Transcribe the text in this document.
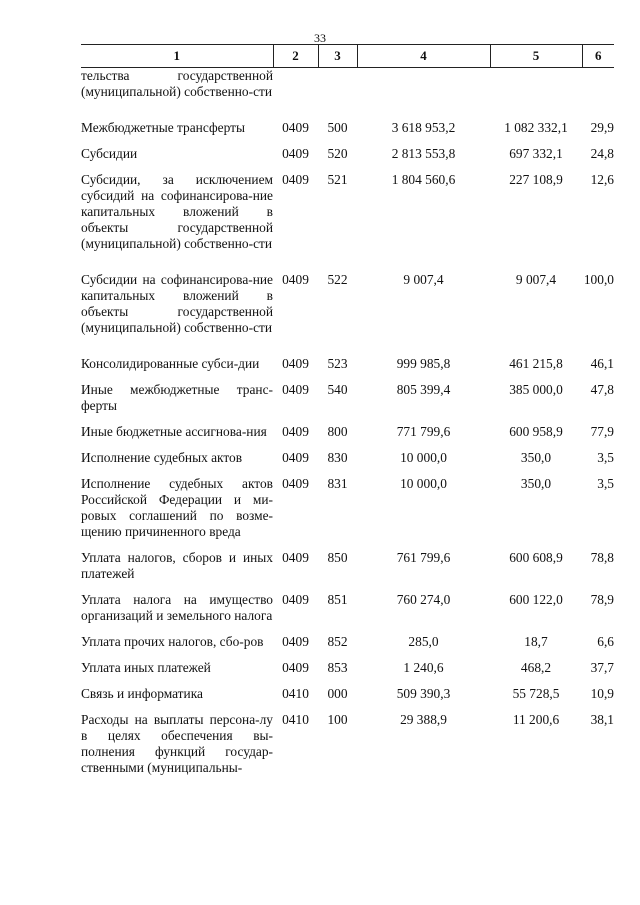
33
1	2	3	4	5	6
тельства государственной (муниципальной) собственно-сти					
Межбюджетные трансферты	0409	500	3 618 953,2	1 082 332,1	29,9
Субсидии	0409	520	2 813 553,8	697 332,1	24,8
Субсидии, за исключением субсидий на софинансирова-ние капитальных вложений в объекты государственной (муниципальной) собственно-сти	0409	521	1 804 560,6	227 108,9	12,6
Субсидии на софинансирова-ние капитальных вложений в объекты государственной (муниципальной) собственно-сти	0409	522	9 007,4	9 007,4	100,0
Консолидированные субси-дии	0409	523	999 985,8	461 215,8	46,1
Иные межбюджетные транс-ферты	0409	540	805 399,4	385 000,0	47,8
Иные бюджетные ассигнова-ния	0409	800	771 799,6	600 958,9	77,9
Исполнение судебных актов	0409	830	10 000,0	350,0	3,5
Исполнение судебных актов Российской Федерации и ми-ровых соглашений по возме-щению причиненного вреда	0409	831	10 000,0	350,0	3,5
Уплата налогов, сборов и иных платежей	0409	850	761 799,6	600 608,9	78,8
Уплата налога на имущество организаций и земельного налога	0409	851	760 274,0	600 122,0	78,9
Уплата прочих налогов, сбо-ров	0409	852	285,0	18,7	6,6
Уплата иных платежей	0409	853	1 240,6	468,2	37,7
Связь и информатика	0410	000	509 390,3	55 728,5	10,9
Расходы на выплаты персона-лу в целях обеспечения вы-полнения функций государ-ственными (муниципальны-	0410	100	29 388,9	11 200,6	38,1
